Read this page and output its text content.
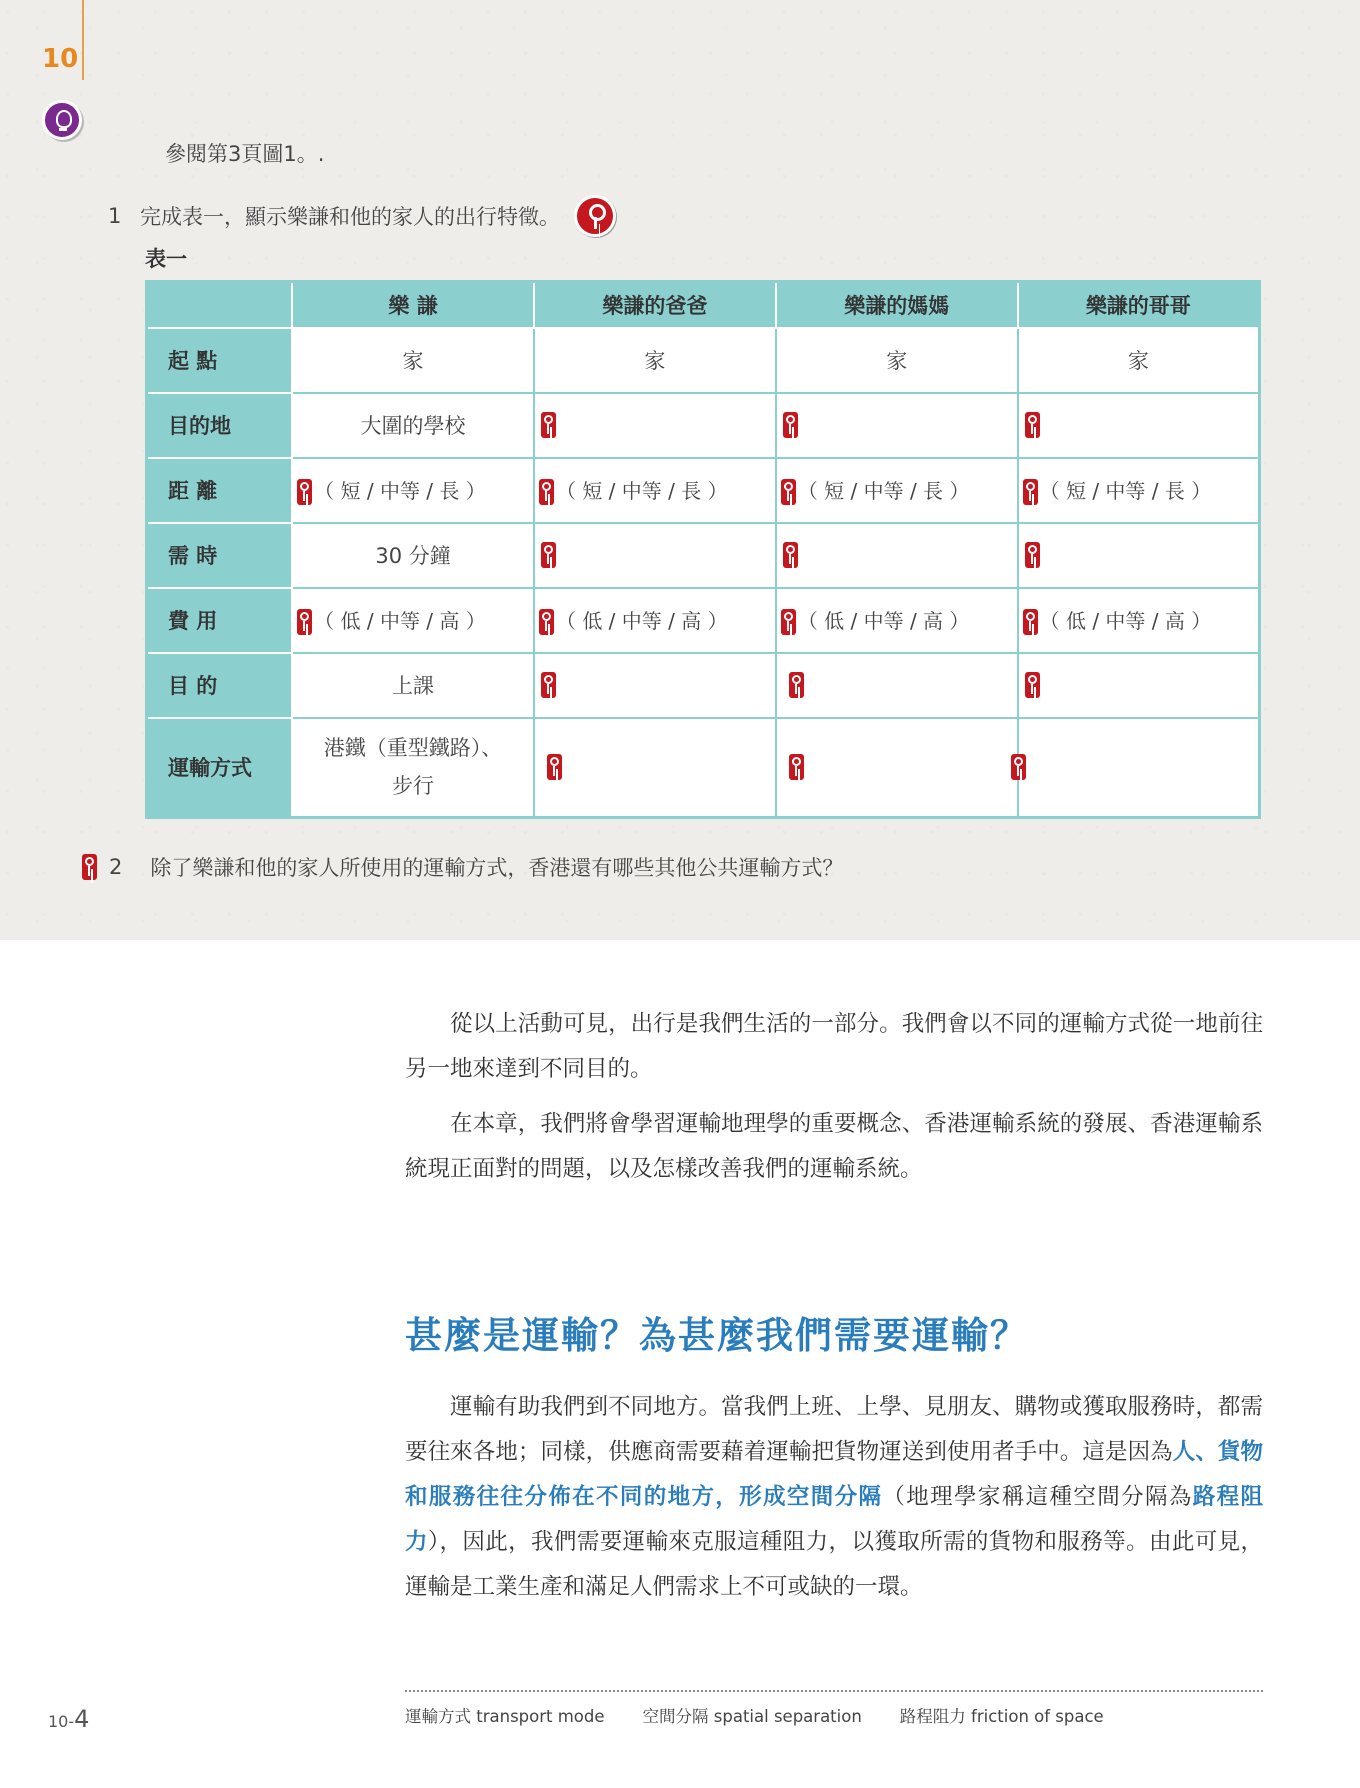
10
參閱第3頁圖1。.
1 完成表一，顯示樂謙和他的家人的出行特徵。
表一
	樂 謙	樂謙的爸爸	樂謙的媽媽	樂謙的哥哥
起 點	家	家	家	家
目的地	大圍的學校			
距 離	（ 短 / 中等 / 長 ）	（ 短 / 中等 / 長 ）	（ 短 / 中等 / 長 ）	（ 短 / 中等 / 長 ）
需 時	30 分鐘			
費 用	（ 低 / 中等 / 高 ）	（ 低 / 中等 / 高 ）	（ 低 / 中等 / 高 ）	（ 低 / 中等 / 高 ）
目 的	上課			
運輸方式	港鐵（重型鐵路）、
步行			

2 除了樂謙和他的家人所使用的運輸方式，香港還有哪些其他公共運輸方式？

從以上活動可見，出行是我們生活的一部分。我們會以不同的運輸方式從一地前往另一地來達到不同目的。

在本章，我們將會學習運輸地理學的重要概念、香港運輸系統的發展、香港運輸系統現正面對的問題，以及怎樣改善我們的運輸系統。

甚麼是運輸？為甚麼我們需要運輸？

運輸有助我們到不同地方。當我們上班、上學、見朋友、購物或獲取服務時，都需要往來各地；同樣，供應商需要藉着運輸把貨物運送到使用者手中。這是因為人、貨物和服務往往分佈在不同的地方，形成空間分隔（地理學家稱這種空間分隔為路程阻力），因此，我們需要運輸來克服這種阻力，以獲取所需的貨物和服務等。由此可見，運輸是工業生產和滿足人們需求上不可或缺的一環。

運輸方式 transport mode 空間分隔 spatial separation 路程阻力 friction of space
10-4
